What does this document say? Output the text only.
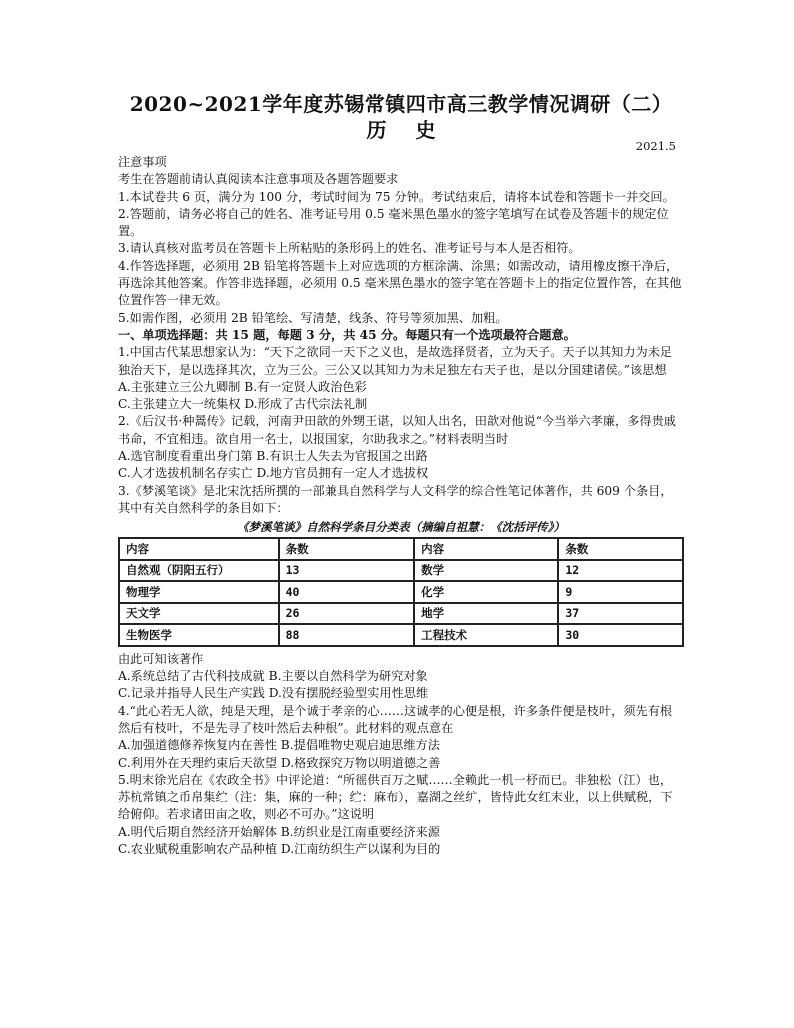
2020~2021学年度苏锡常镇四市高三教学情况调研（二）
历 史
2021.5

注意事项

考生在答题前请认真阅读本注意事项及各题答题要求

1.本试卷共 6 页，满分为 100 分，考试时间为 75 分钟。考试结束后，请将本试卷和答题卡一并交回。

2.答题前，请务必将自己的姓名、准考证号用 0.5 毫米黑色墨水的签字笔填写在试卷及答题卡的规定位置。

3.请认真核对监考员在答题卡上所粘贴的条形码上的姓名、准考证号与本人是否相符。

4.作答选择题，必须用 2B 铅笔将答题卡上对应选项的方框涂满、涂黑；如需改动，请用橡皮擦干净后，再选涂其他答案。作答非选择题，必须用 0.5 毫米黑色墨水的签字笔在答题卡上的指定位置作答，在其他位置作答一律无效。

5.如需作图，必须用 2B 铅笔绘、写清楚，线条、符号等须加黑、加粗。

一、单项选择题：共 15 题，每题 3 分，共 45 分。每题只有一个选项最符合题意。

1.中国古代某思想家认为：“天下之欲同一天下之义也，是故选择贤者，立为天子。天子以其知力为未足独治天下，是以选择其次，立为三公。三公又以其知力为未足独左右天子也，是以分国建诸侯。”该思想

A.主张建立三公九卿制 B.有一定贤人政治色彩

C.主张建立大一统集权 D.形成了古代宗法礼制

2.《后汉书·种暠传》记载，河南尹田歆的外甥王谌，以知人出名，田歆对他说“今当举六孝廉，多得贵戚书命，不宜相违。欲自用一名士，以报国家，尔助我求之。”材料表明当时

A.选官制度看重出身门第 B.有识士人失去为官报国之出路

C.人才选拔机制名存实亡 D.地方官员拥有一定人才选拔权

3.《梦溪笔谈》是北宋沈括所撰的一部兼具自然科学与人文科学的综合性笔记体著作，共 609 个条目，其中有关自然科学的条目如下：

《梦溪笔谈》自然科学条目分类表（摘编自祖慧：《沈括评传》）
内容	条数	内容	条数
自然观（阴阳五行）	13	数学	12
物理学	40	化学	9
天文学	26	地学	37
生物医学	88	工程技术	30

由此可知该著作

A.系统总结了古代科技成就 B.主要以自然科学为研究对象

C.记录并指导人民生产实践 D.没有摆脱经验型实用性思维

4.“此心若无人欲，纯是天理，是个诚于孝亲的心……这诚孝的心便是根，许多条件便是枝叶，须先有根然后有枝叶，不是先寻了枝叶然后去种根”。此材料的观点意在

A.加强道德修养恢复内在善性 B.提倡唯物史观启迪思维方法

C.利用外在天理约束后天欲望 D.格致探究万物以明道德之善

5.明末徐光启在《农政全书》中评论道：“所徭供百万之赋……全赖此一机一杼而已。非独松（江）也，苏杭常镇之币帛集纻（注：集，麻的一种；纻：麻布），嘉湖之丝纩，皆恃此女红末业，以上供赋税，下给俯仰。若求诸田亩之收，则必不可办。”这说明

A.明代后期自然经济开始解体 B.纺织业是江南重要经济来源

C.农业赋税重影响农产品种植 D.江南纺织生产以谋利为目的
